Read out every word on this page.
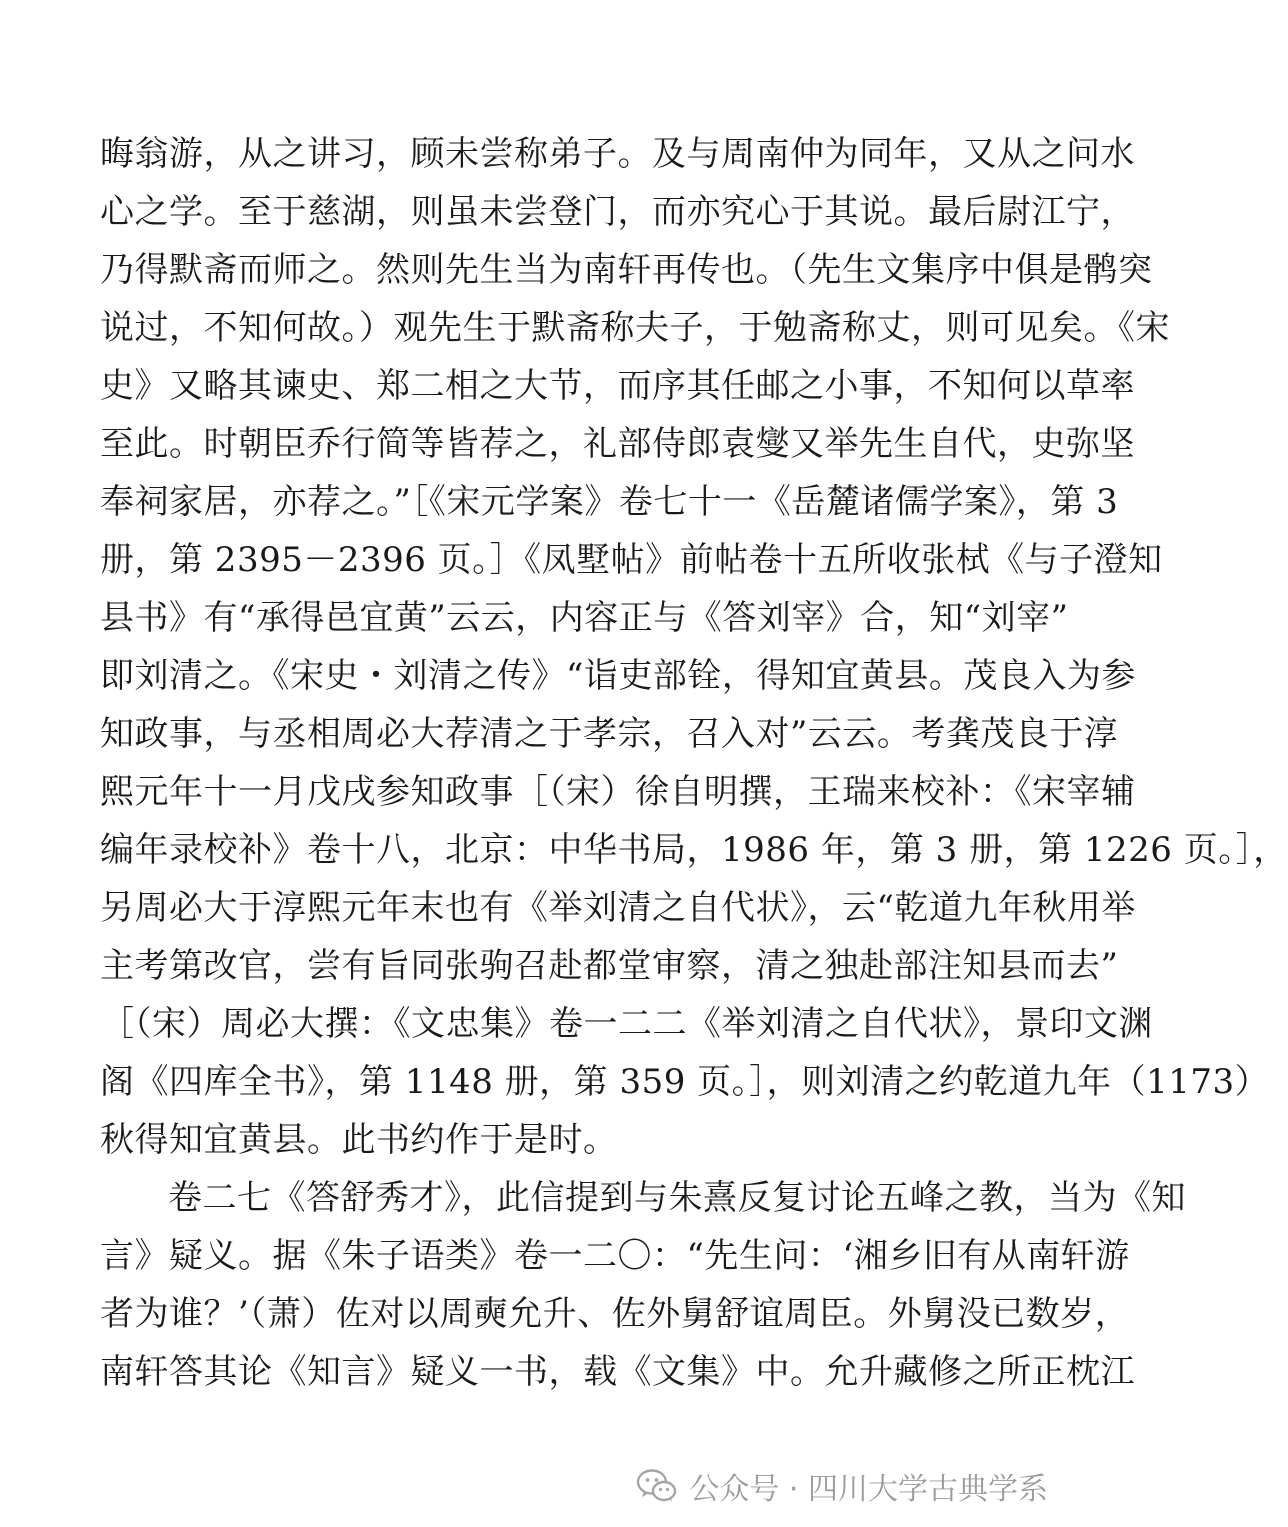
晦翁游，从之讲习，顾未尝称弟子。及与周南仲为同年，又从之问水
心之学。至于慈湖，则虽未尝登门，而亦究心于其说。最后尉江宁，
乃得默斋而师之。然则先生当为南轩再传也。（先生文集序中俱是鹘突
说过，不知何故。）观先生于默斋称夫子，于勉斋称丈，则可见矣。《宋
史》又略其谏史、郑二相之大节，而序其任邮之小事，不知何以草率
至此。时朝臣乔行简等皆荐之，礼部侍郎袁燮又举先生自代，史弥坚
奉祠家居，亦荐之。”［《宋元学案》卷七十一《岳麓诸儒学案》，第 3
册，第 2395－2396 页。］《凤墅帖》前帖卷十五所收张栻《与子澄知
县书》有“承得邑宜黄”云云，内容正与《答刘宰》合，知“刘宰”
即刘清之。《宋史・刘清之传》“诣吏部铨，得知宜黄县。茂良入为参
知政事，与丞相周必大荐清之于孝宗，召入对”云云。考龚茂良于淳
熙元年十一月戊戌参知政事［（宋）徐自明撰，王瑞来校补：《宋宰辅
编年录校补》卷十八，北京：中华书局，1986 年，第 3 册，第 1226 页。］，
另周必大于淳熙元年末也有《举刘清之自代状》，云“乾道九年秋用举
主考第改官，尝有旨同张驹召赴都堂审察，清之独赴部注知县而去”
［（宋）周必大撰：《文忠集》卷一二二《举刘清之自代状》，景印文渊
阁《四库全书》，第 1148 册，第 359 页。］，则刘清之约乾道九年（1173）
秋得知宜黄县。此书约作于是时。
卷二七《答舒秀才》，此信提到与朱熹反复讨论五峰之教，当为《知
言》疑义。据《朱子语类》卷一二〇：“先生问：‘湘乡旧有从南轩游
者为谁？’（萧）佐对以周奭允升、佐外舅舒谊周臣。外舅没已数岁，
南轩答其论《知言》疑义一书，载《文集》中。允升藏修之所正枕江
公众号 · 四川大学古典学系
